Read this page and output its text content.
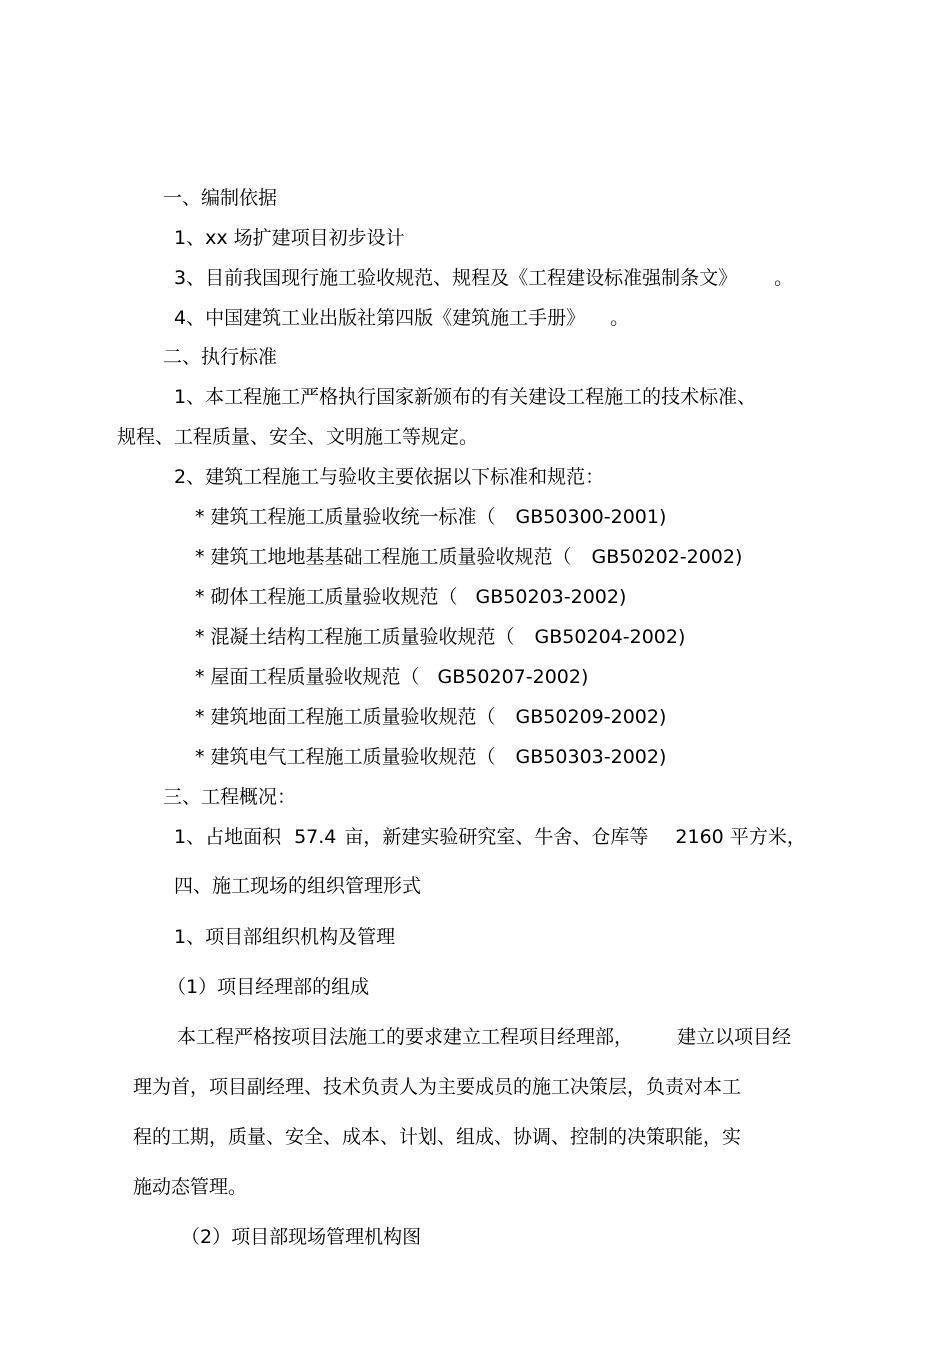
一、编制依据
1、xx 场扩建项目初步设计
3、目前我国现行施工验收规范、规程及《工程建设标准强制条文》 。
4、中国建筑工业出版社第四版《建筑施工手册》 。
二、执行标准
1、本工程施工严格执行国家新颁布的有关建设工程施工的技术标准、
规程、工程质量、安全、文明施工等规定。
2、建筑工程施工与验收主要依据以下标准和规范：
* 建筑工程施工质量验收统一标准（ GB50300-2001)
* 建筑工地地基基础工程施工质量验收规范（ GB50202-2002)
* 砌体工程施工质量验收规范（ GB50203-2002)
* 混凝土结构工程施工质量验收规范（ GB50204-2002)
* 屋面工程质量验收规范（ GB50207-2002)
* 建筑地面工程施工质量验收规范（ GB50209-2002)
* 建筑电气工程施工质量验收规范（ GB50303-2002)
三、工程概况：
1、占地面积 57.4 亩，新建实验研究室、牛舍、仓库等 2160 平方米，
四、施工现场的组织管理形式
1、项目部组织机构及管理
（1）项目经理部的组成
本工程严格按项目法施工的要求建立工程项目经理部， 建立以项目经
理为首，项目副经理、技术负责人为主要成员的施工决策层，负责对本工
程的工期，质量、安全、成本、计划、组成、协调、控制的决策职能，实
施动态管理。
（2）项目部现场管理机构图
